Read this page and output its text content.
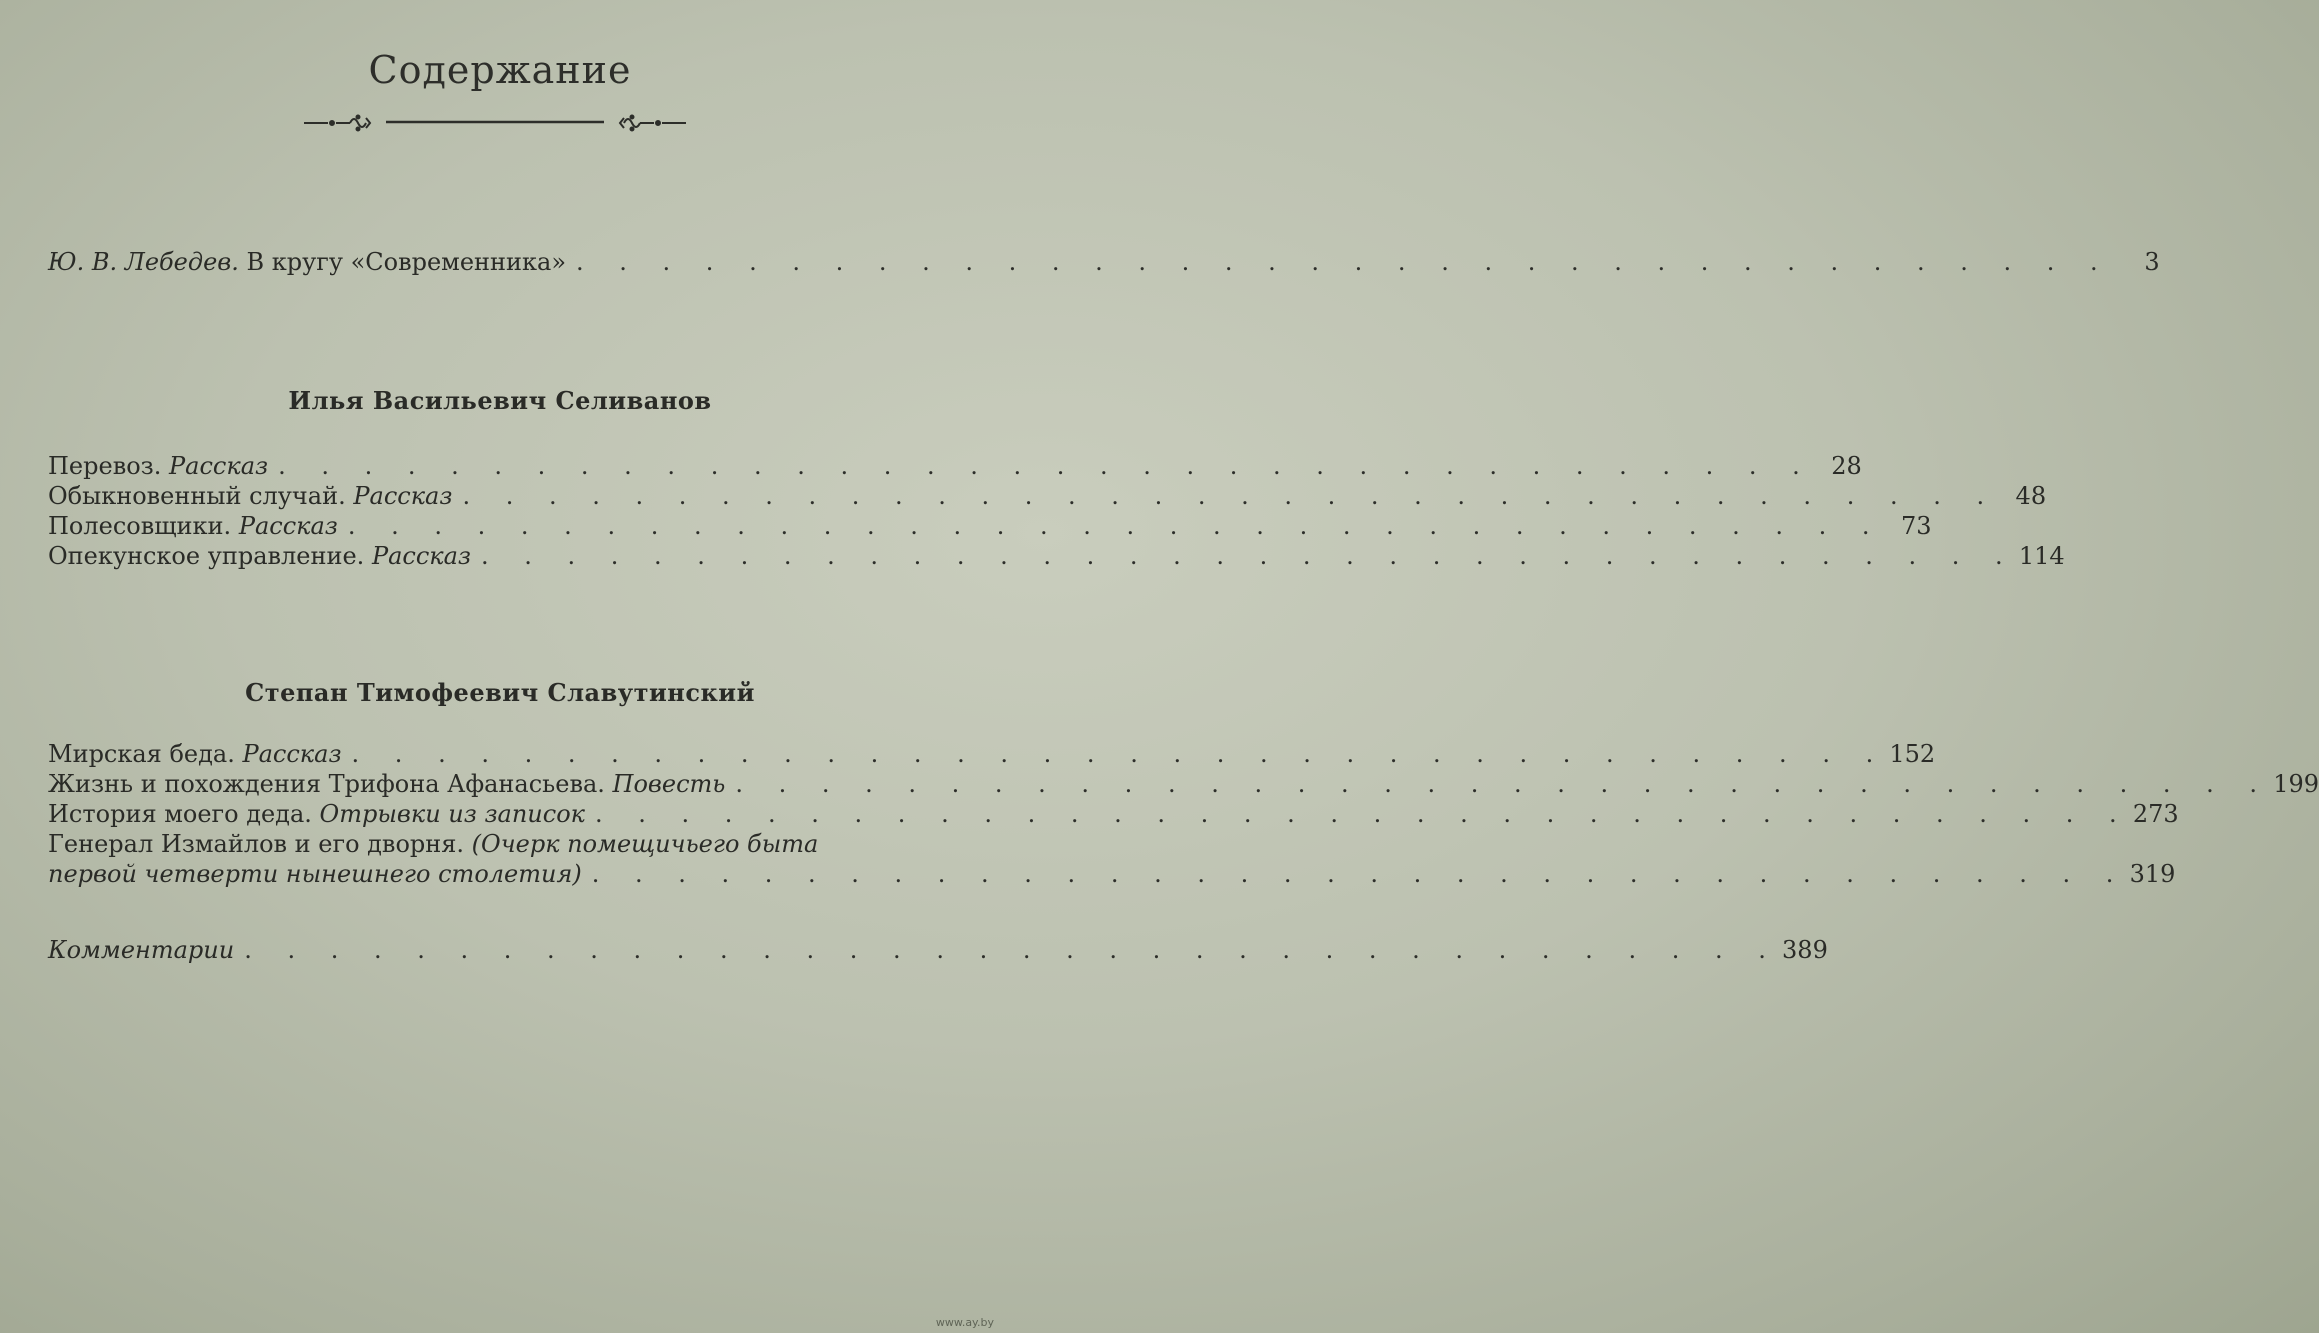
Содержание
Ю. В. Лебедев. В кругу «Современника» . . . . . . . . . . . . . . . . . . . . . . . . . . . . . . . . . . . .	3
Илья Васильевич Селиванов
Перевоз. Рассказ . . . . . . . . . . . . . . . . . . . . . . . . . . . . . . . . . . . . 28
Обыкновенный случай. Рассказ . . . . . . . . . . . . . . . . . . . . . . . . . . . . . . . . . . . . 48
Полесовщики. Рассказ . . . . . . . . . . . . . . . . . . . . . . . . . . . . . . . . . . . . 73
Опекунское управление. Рассказ . . . . . . . . . . . . . . . . . . . . . . . . . . . . . . . . . . . . 114
Степан Тимофеевич Славутинский
Мирская беда. Рассказ . . . . . . . . . . . . . . . . . . . . . . . . . . . . . . . . . . . . 152
Жизнь и похождения Трифона Афанасьева. Повесть . . . . . . . . . . . . . . . . . . . . . . . . . . . . . . . . . . . . 199
История моего деда. Отрывки из записок . . . . . . . . . . . . . . . . . . . . . . . . . . . . . . . . . . . . 273
Генерал Измайлов и его дворня. (Очерк помещичьего быта
первой четверти нынешнего столетия) . . . . . . . . . . . . . . . . . . . . . . . . . . . . . . . . . . . . 319
Комментарии . . . . . . . . . . . . . . . . . . . . . . . . . . . . . . . . . . . . 389
www.ay.by
